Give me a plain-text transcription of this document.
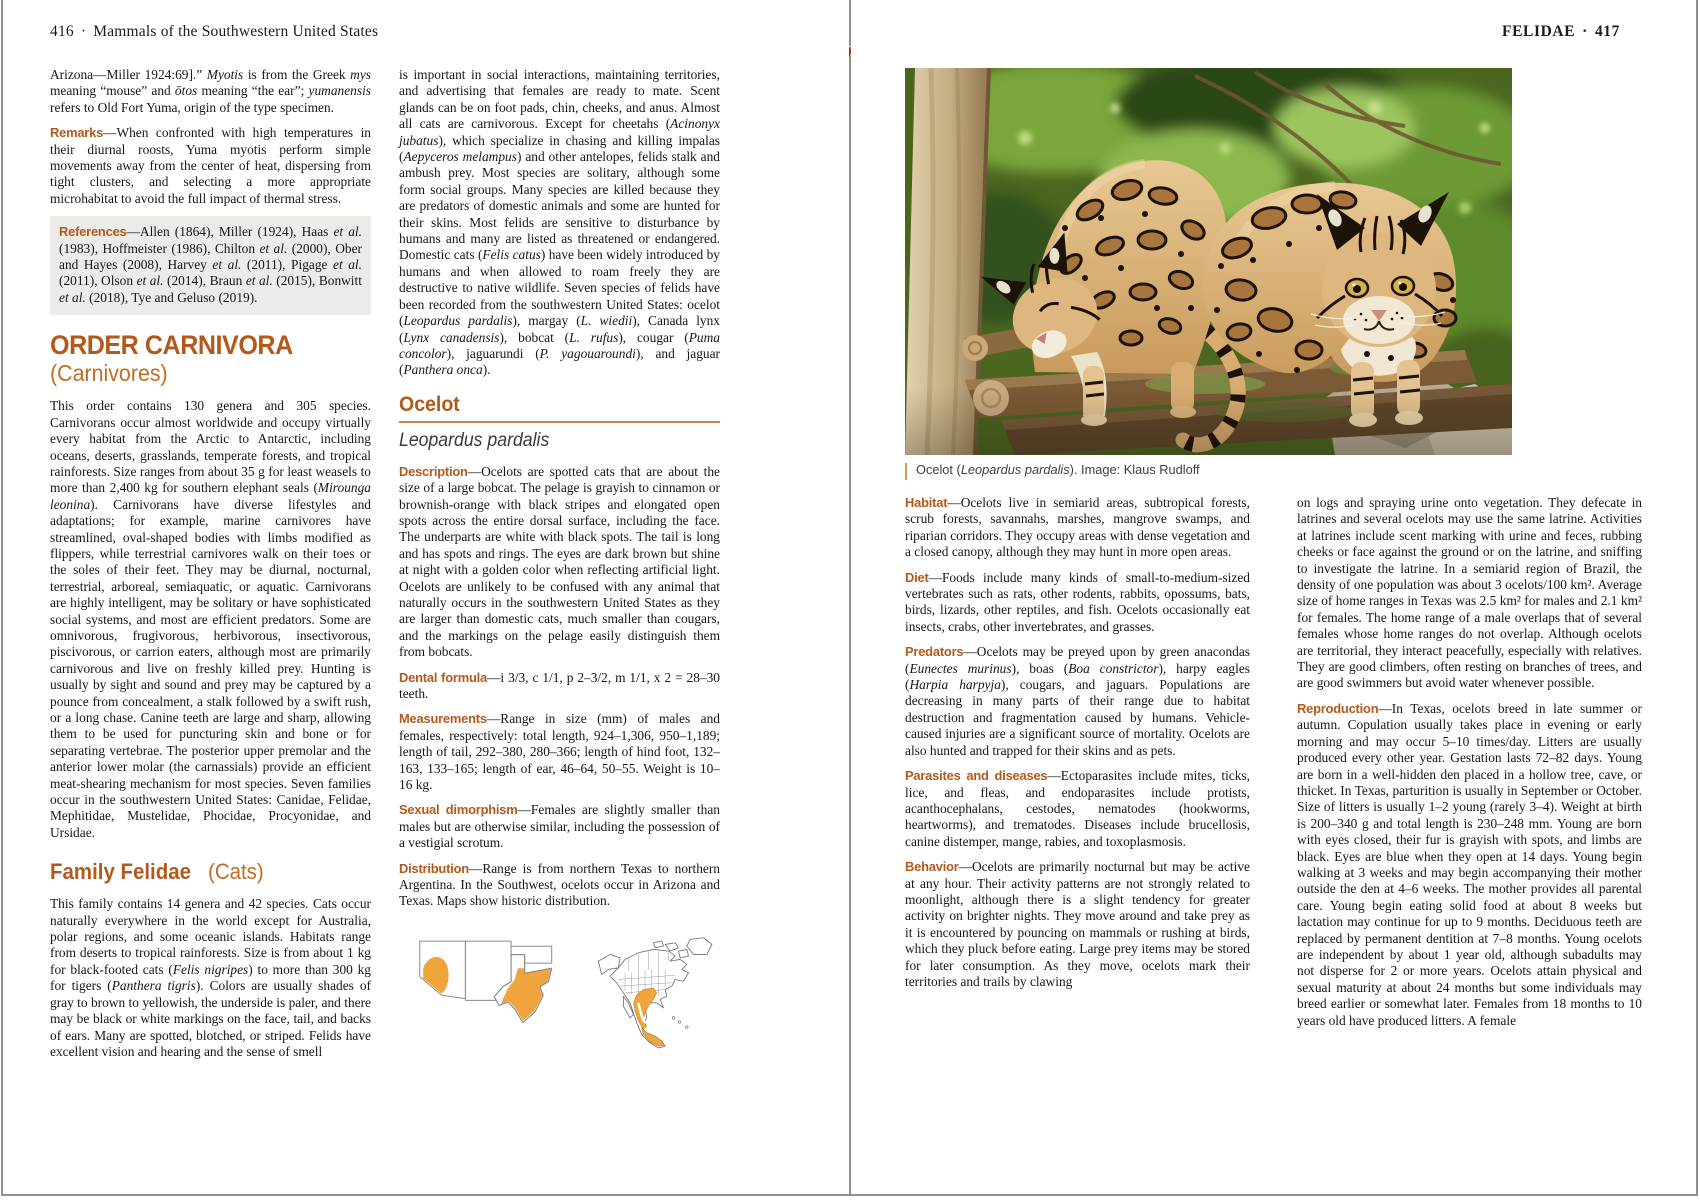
416 · Mammals of the Southwestern United States

Arizona—Miller 1924:69].” Myotis is from the Greek mys meaning “mouse” and ōtos meaning “the ear”; yumanensis refers to Old Fort Yuma, origin of the type specimen.

Remarks—When confronted with high temperatures in their diurnal roosts, Yuma myotis perform simple movements away from the center of heat, dispersing from tight clusters, and selecting a more appropriate microhabitat to avoid the full impact of thermal stress.

References—Allen (1864), Miller (1924), Haas et al. (1983), Hoffmeister (1986), Chilton et al. (2000), Ober and Hayes (2008), Harvey et al. (2011), Pigage et al. (2011), Olson et al. (2014), Braun et al. (2015), Bonwitt et al. (2018), Tye and Geluso (2019).

ORDER CARNIVORA
(Carnivores)

This order contains 130 genera and 305 species. Carnivorans occur almost worldwide and occupy virtually every habitat from the Arctic to Antarctic, including oceans, deserts, grasslands, temperate forests, and tropical rainforests. Size ranges from about 35 g for least weasels to more than 2,400 kg for southern elephant seals (Mirounga leonina). Carnivorans have diverse lifestyles and adaptations; for example, marine carnivores have streamlined, oval-shaped bodies with limbs modified as flippers, while terrestrial carnivores walk on their toes or the soles of their feet. They may be diurnal, nocturnal, terrestrial, arboreal, semiaquatic, or aquatic. Carnivorans are highly intelligent, may be solitary or have sophisticated social systems, and most are efficient predators. Some are omnivorous, frugivorous, herbivorous, insectivorous, piscivorous, or carrion eaters, although most are primarily carnivorous and live on freshly killed prey. Hunting is usually by sight and sound and prey may be captured by a pounce from concealment, a stalk followed by a swift rush, or a long chase. Canine teeth are large and sharp, allowing them to be used for puncturing skin and bone or for separating vertebrae. The posterior upper premolar and the anterior lower molar (the carnassials) provide an efficient meat-shearing mechanism for most species. Seven families occur in the southwestern United States: Canidae, Felidae, Mephitidae, Mustelidae, Phocidae, Procyonidae, and Ursidae.

Family Felidae (Cats)

This family contains 14 genera and 42 species. Cats occur naturally everywhere in the world except for Australia, polar regions, and some oceanic islands. Habitats range from deserts to tropical rainforests. Size is from about 1 kg for black-footed cats (Felis nigripes) to more than 300 kg for tigers (Panthera tigris). Colors are usually shades of gray to brown to yellowish, the underside is paler, and there may be black or white markings on the face, tail, and backs of ears. Many are spotted, blotched, or striped. Felids have excellent vision and hearing and the sense of smell

is important in social interactions, maintaining territories, and advertising that females are ready to mate. Scent glands can be on foot pads, chin, cheeks, and anus. Almost all cats are carnivorous. Except for cheetahs (Acinonyx jubatus), which specialize in chasing and killing impalas (Aepyceros melampus) and other antelopes, felids stalk and ambush prey. Most species are solitary, although some form social groups. Many species are killed because they are predators of domestic animals and some are hunted for their skins. Most felids are sensitive to disturbance by humans and many are listed as threatened or endangered. Domestic cats (Felis catus) have been widely introduced by humans and when allowed to roam freely they are destructive to native wildlife. Seven species of felids have been recorded from the southwestern United States: ocelot (Leopardus pardalis), margay (L. wiedii), Canada lynx (Lynx canadensis), bobcat (L. rufus), cougar (Puma concolor), jaguarundi (P. yagouaroundi), and jaguar (Panthera onca).

Ocelot
Leopardus pardalis

Description—Ocelots are spotted cats that are about the size of a large bobcat. The pelage is grayish to cinnamon or brownish-orange with black stripes and elongated open spots across the entire dorsal surface, including the face. The underparts are white with black spots. The tail is long and has spots and rings. The eyes are dark brown but shine at night with a golden color when reflecting artificial light. Ocelots are unlikely to be confused with any animal that naturally occurs in the southwestern United States as they are larger than domestic cats, much smaller than cougars, and the markings on the pelage easily distinguish them from bobcats.

Dental formula—i 3/3, c 1/1, p 2–3/2, m 1/1, x 2 = 28–30 teeth.

Measurements—Range in size (mm) of males and females, respectively: total length, 924–1,306, 950–1,189; length of tail, 292–380, 280–366; length of hind foot, 132–163, 133–165; length of ear, 46–64, 50–55. Weight is 10–16 kg.

Sexual dimorphism—Females are slightly smaller than males but are otherwise similar, including the possession of a vestigial scrotum.

Distribution—Range is from northern Texas to northern Argentina. In the Southwest, ocelots occur in Arizona and Texas. Maps show historic distribution.

FELIDAE · 417
Ocelot (Leopardus pardalis). Image: Klaus Rudloff

Habitat—Ocelots live in semiarid areas, subtropical forests, scrub forests, savannahs, marshes, mangrove swamps, and riparian corridors. They occupy areas with dense vegetation and a closed canopy, although they may hunt in more open areas.

Diet—Foods include many kinds of small-to-medium-sized vertebrates such as rats, other rodents, rabbits, opossums, bats, birds, lizards, other reptiles, and fish. Ocelots occasionally eat insects, crabs, other invertebrates, and grasses.

Predators—Ocelots may be preyed upon by green anacondas (Eunectes murinus), boas (Boa constrictor), harpy eagles (Harpia harpyja), cougars, and jaguars. Populations are decreasing in many parts of their range due to habitat destruction and fragmentation caused by humans. Vehicle-caused injuries are a significant source of mortality. Ocelots are also hunted and trapped for their skins and as pets.

Parasites and diseases—Ectoparasites include mites, ticks, lice, and fleas, and endoparasites include protists, acanthocephalans, cestodes, nematodes (hookworms, heartworms), and trematodes. Diseases include brucellosis, canine distemper, mange, rabies, and toxoplasmosis.

Behavior—Ocelots are primarily nocturnal but may be active at any hour. Their activity patterns are not strongly related to moonlight, although there is a slight tendency for greater activity on brighter nights. They move around and take prey as it is encountered by pouncing on mammals or rushing at birds, which they pluck before eating. Large prey items may be stored for later consumption. As they move, ocelots mark their territories and trails by clawing

on logs and spraying urine onto vegetation. They defecate in latrines and several ocelots may use the same latrine. Activities at latrines include scent marking with urine and feces, rubbing cheeks or face against the ground or on the latrine, and sniffing to investigate the latrine. In a semiarid region of Brazil, the density of one population was about 3 ocelots/100 km². Average size of home ranges in Texas was 2.5 km² for males and 2.1 km² for females. The home range of a male overlaps that of several females whose home ranges do not overlap. Although ocelots are territorial, they interact peacefully, especially with relatives. They are good climbers, often resting on branches of trees, and are good swimmers but avoid water whenever possible.

Reproduction—In Texas, ocelots breed in late summer or autumn. Copulation usually takes place in evening or early morning and may occur 5–10 times/day. Litters are usually produced every other year. Gestation lasts 72–82 days. Young are born in a well-hidden den placed in a hollow tree, cave, or thicket. In Texas, parturition is usually in September or October. Size of litters is usually 1–2 young (rarely 3–4). Weight at birth is 200–340 g and total length is 230–248 mm. Young are born with eyes closed, their fur is grayish with spots, and limbs are black. Eyes are blue when they open at 14 days. Young begin walking at 3 weeks and may begin accompanying their mother outside the den at 4–6 weeks. The mother provides all parental care. Young begin eating solid food at about 8 weeks but lactation may continue for up to 9 months. Deciduous teeth are replaced by permanent dentition at 7–8 months. Young ocelots are independent by about 1 year old, although subadults may not disperse for 2 or more years. Ocelots attain physical and sexual maturity at about 24 months but some individuals may breed earlier or somewhat later. Females from 18 months to 10 years old have produced litters. A female
